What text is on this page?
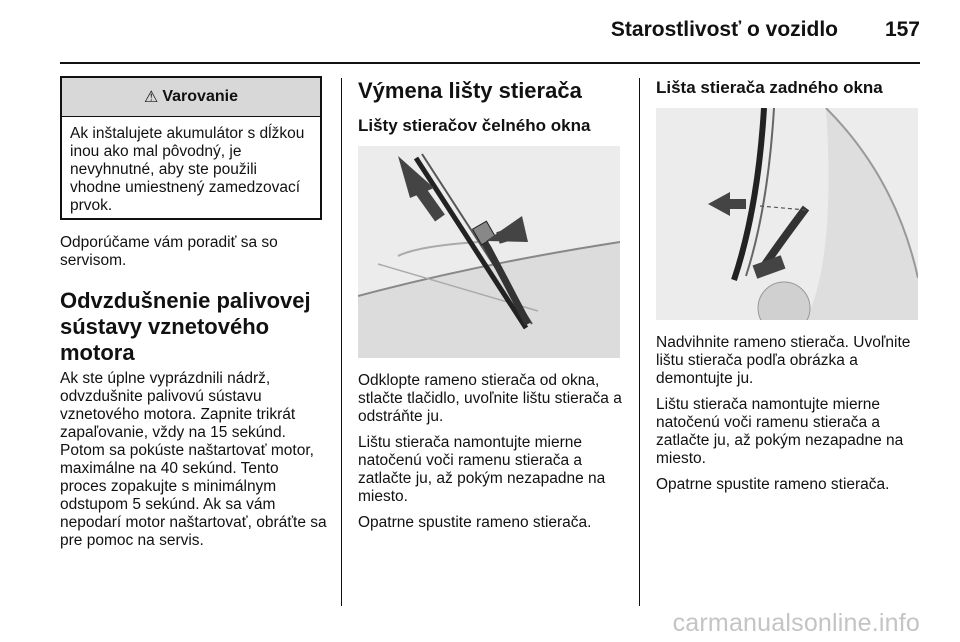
Starostlivosť o vozidlo 157
⚠ Varovanie
Ak inštalujete akumulátor s dĺžkou inou ako mal pôvodný, je nevyhnutné, aby ste použili vhodne umiestnený zamedzovací prvok.

Odporúčame vám poradiť sa so servisom.

Odvzdušnenie palivovej sústavy vznetového motora

Ak ste úplne vyprázdnili nádrž, odvzdušnite palivovú sústavu vznetového motora. Zapnite trikrát zapaľovanie, vždy na 15 sekúnd. Potom sa pokúste naštartovať motor, maximálne na 40 sekúnd. Tento proces zopakujte s minimálnym odstupom 5 sekúnd. Ak sa vám nepodarí motor naštartovať, obráťte sa pre pomoc na servis.

Výmena lišty stierača
Lišty stieračov čelného okna

Odklopte rameno stierača od okna, stlačte tlačidlo, uvoľnite lištu stierača a odstráňte ju.

Lištu stierača namontujte mierne natočenú voči ramenu stierača a zatlačte ju, až pokým nezapadne na miesto.

Opatrne spustite rameno stierača.

Lišta stierača zadného okna

Nadvihnite rameno stierača. Uvoľnite lištu stierača podľa obrázka a demontujte ju.

Lištu stierača namontujte mierne natočenú voči ramenu stierača a zatlačte ju, až pokým nezapadne na miesto.

Opatrne spustite rameno stierača.

carmanualsonline.info
